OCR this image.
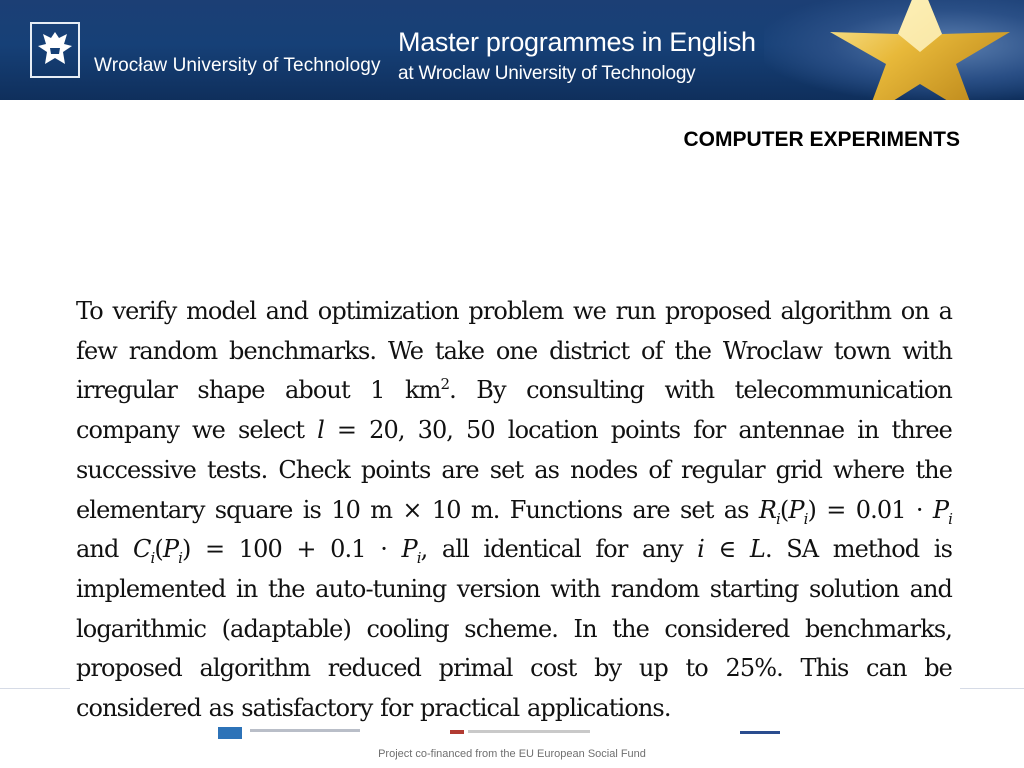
Wrocław University of Technology
Master programmes in English
at Wroclaw University of Technology
COMPUTER EXPERIMENTS
Project co-financed from the EU European Social Fund

To verify model and optimization problem we run proposed algorithm on a few random benchmarks. We take one district of the Wroclaw town with irregular shape about 1 $km^2$. By consulting with telecommunication company we select l = 20, 30, 50 location points for antennae in three successive tests. Check points are set as nodes of regular grid where the elementary square is 10 m × 10 m. Functions are set as $R_i(P_i) = 0.01 \cdot P_i$ and $C_i(P_i) = 100 + 0.1 \cdot P_i$, all identical for any i ∈ L. SA method is implemented in the auto-tuning version with random starting solution and logarithmic (adaptable) cooling scheme. In the considered benchmarks, proposed algorithm reduced primal cost by up to 25%. This can be considered as satisfactory for practical applications.
